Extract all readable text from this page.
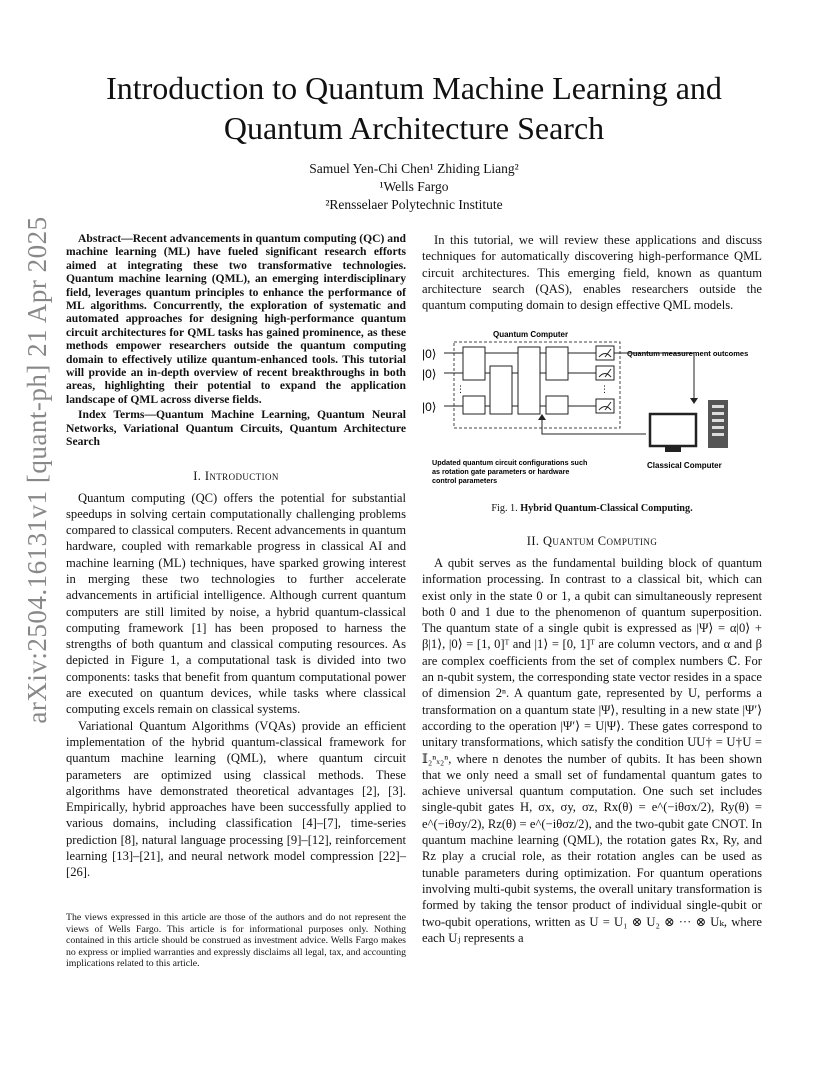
arXiv:2504.16131v1 [quant-ph] 21 Apr 2025
Introduction to Quantum Machine Learning and
Quantum Architecture Search
Samuel Yen-Chi Chen¹ Zhiding Liang²
¹Wells Fargo
²Rensselaer Polytechnic Institute

Abstract—Recent advancements in quantum computing (QC) and machine learning (ML) have fueled significant research efforts aimed at integrating these two transformative technologies. Quantum machine learning (QML), an emerging interdisciplinary field, leverages quantum principles to enhance the performance of ML algorithms. Concurrently, the exploration of systematic and automated approaches for designing high-performance quantum circuit architectures for QML tasks has gained prominence, as these methods empower researchers outside the quantum computing domain to effectively utilize quantum-enhanced tools. This tutorial will provide an in-depth overview of recent breakthroughs in both areas, highlighting their potential to expand the application landscape of QML across diverse fields.

Index Terms—Quantum Machine Learning, Quantum Neural Networks, Variational Quantum Circuits, Quantum Architecture Search

I. Introduction

Quantum computing (QC) offers the potential for substantial speedups in solving certain computationally challenging problems compared to classical computers. Recent advancements in quantum hardware, coupled with remarkable progress in classical AI and machine learning (ML) techniques, have sparked growing interest in merging these two technologies to further accelerate advancements in artificial intelligence. Although current quantum computers are still limited by noise, a hybrid quantum-classical computing framework [1] has been proposed to harness the strengths of both quantum and classical computing resources. As depicted in Figure 1, a computational task is divided into two components: tasks that benefit from quantum computational power are executed on quantum devices, while tasks where classical computing excels remain on classical systems.

Variational Quantum Algorithms (VQAs) provide an efficient implementation of the hybrid quantum-classical framework for quantum machine learning (QML), where quantum circuit parameters are optimized using classical methods. These algorithms have demonstrated theoretical advantages [2], [3]. Empirically, hybrid approaches have been successfully applied to various domains, including classification [4]–[7], time-series prediction [8], natural language processing [9]–[12], reinforcement learning [13]–[21], and neural network model compression [22]–[26].

The views expressed in this article are those of the authors and do not represent the views of Wells Fargo. This article is for informational purposes only. Nothing contained in this article should be construed as investment advice. Wells Fargo makes no express or implied warranties and expressly disclaims all legal, tax, and accounting implications related to this article.

In this tutorial, we will review these applications and discuss techniques for automatically discovering high-performance QML circuit architectures. This emerging field, known as quantum architecture search (QAS), enables researchers outside the quantum computing domain to design effective QML models.

Quantum Computer
|0⟩
|0⟩
|0⟩
⋮	⋮
Quantum measurement outcomes
Classical Computer
Updated quantum circuit configurations such
as rotation gate parameters or hardware
control parameters
Fig. 1. Hybrid Quantum-Classical Computing.
II. Quantum Computing

A qubit serves as the fundamental building block of quantum information processing. In contrast to a classical bit, which can exist only in the state 0 or 1, a qubit can simultaneously represent both 0 and 1 due to the phenomenon of quantum superposition. The quantum state of a single qubit is expressed as |Ψ⟩ = α|0⟩ + β|1⟩, |0⟩ = [1, 0]ᵀ and |1⟩ = [0, 1]ᵀ are column vectors, and α and β are complex coefficients from the set of complex numbers ℂ. For an n-qubit system, the corresponding state vector resides in a space of dimension 2ⁿ. A quantum gate, represented by U, performs a transformation on a quantum state |Ψ⟩, resulting in a new state |Ψ′⟩ according to the operation |Ψ′⟩ = U|Ψ⟩. These gates correspond to unitary transformations, which satisfy the condition UU† = U†U = 𝕀₂ⁿₓ₂ⁿ, where n denotes the number of qubits. It has been shown that we only need a small set of fundamental quantum gates to achieve universal quantum computation. One such set includes single-qubit gates H, σx, σy, σz, Rx(θ) = e^(−iθσx/2), Ry(θ) = e^(−iθσy/2), Rz(θ) = e^(−iθσz/2), and the two-qubit gate CNOT. In quantum machine learning (QML), the rotation gates Rx, Ry, and Rz play a crucial role, as their rotation angles can be used as tunable parameters during optimization. For quantum operations involving multi-qubit systems, the overall unitary transformation is formed by taking the tensor product of individual single-qubit or two-qubit operations, written as U = U₁ ⊗ U₂ ⊗ ··· ⊗ Uₖ, where each Uⱼ represents a
